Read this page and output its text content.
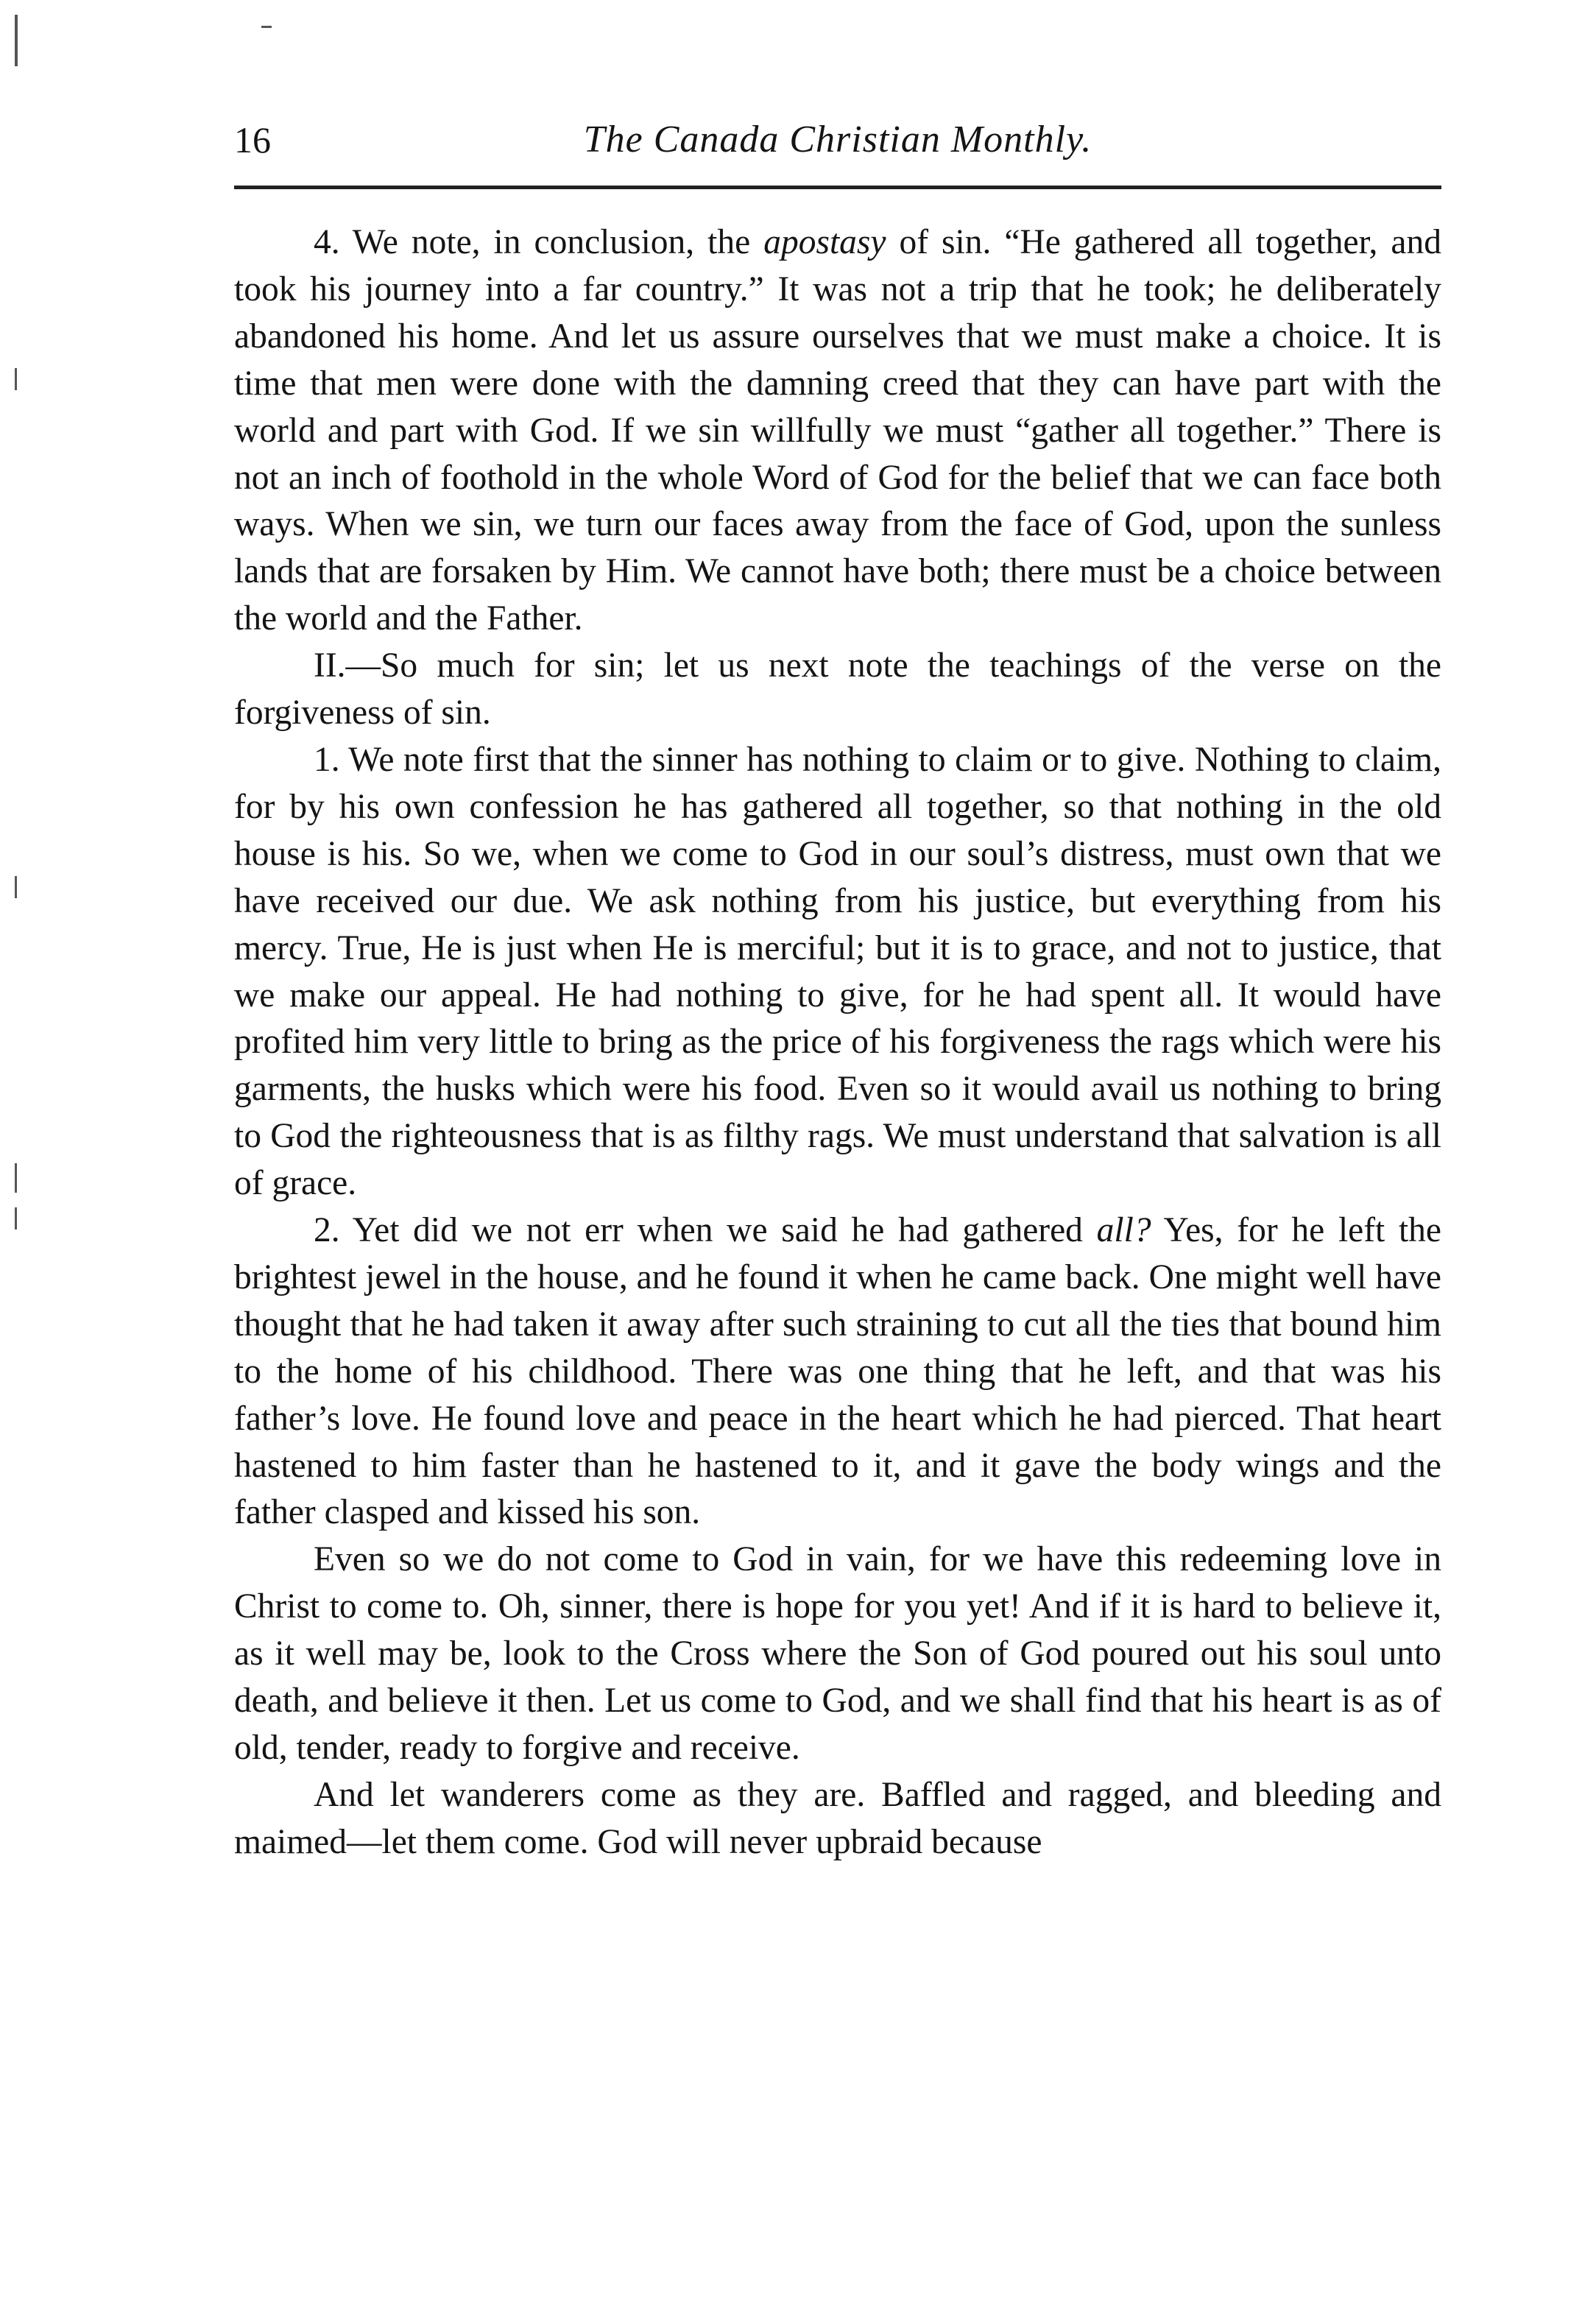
16	The Canada Christian Monthly.

4. We note, in conclusion, the apostasy of sin. “He gathered all together, and took his journey into a far country.” It was not a trip that he took; he deliberately abandoned his home. And let us assure ourselves that we must make a choice. It is time that men were done with the damning creed that they can have part with the world and part with God. If we sin willfully we must “gather all together.” There is not an inch of foothold in the whole Word of God for the belief that we can face both ways. When we sin, we turn our faces away from the face of God, upon the sunless lands that are forsaken by Him. We cannot have both; there must be a choice between the world and the Father.

II.—So much for sin; let us next note the teachings of the verse on the forgiveness of sin.

1. We note first that the sinner has nothing to claim or to give. Nothing to claim, for by his own confession he has gathered all together, so that nothing in the old house is his. So we, when we come to God in our soul’s distress, must own that we have received our due. We ask nothing from his justice, but everything from his mercy. True, He is just when He is merciful; but it is to grace, and not to justice, that we make our appeal. He had nothing to give, for he had spent all. It would have profited him very little to bring as the price of his forgiveness the rags which were his garments, the husks which were his food. Even so it would avail us nothing to bring to God the righteousness that is as filthy rags. We must understand that salvation is all of grace.

2. Yet did we not err when we said he had gathered all? Yes, for he left the brightest jewel in the house, and he found it when he came back. One might well have thought that he had taken it away after such straining to cut all the ties that bound him to the home of his childhood. There was one thing that he left, and that was his father’s love. He found love and peace in the heart which he had pierced. That heart hastened to him faster than he hastened to it, and it gave the body wings and the father clasped and kissed his son.

Even so we do not come to God in vain, for we have this redeeming love in Christ to come to. Oh, sinner, there is hope for you yet! And if it is hard to believe it, as it well may be, look to the Cross where the Son of God poured out his soul unto death, and believe it then. Let us come to God, and we shall find that his heart is as of old, tender, ready to forgive and receive.

And let wanderers come as they are. Baffled and ragged, and bleeding and maimed—let them come. God will never upbraid because
